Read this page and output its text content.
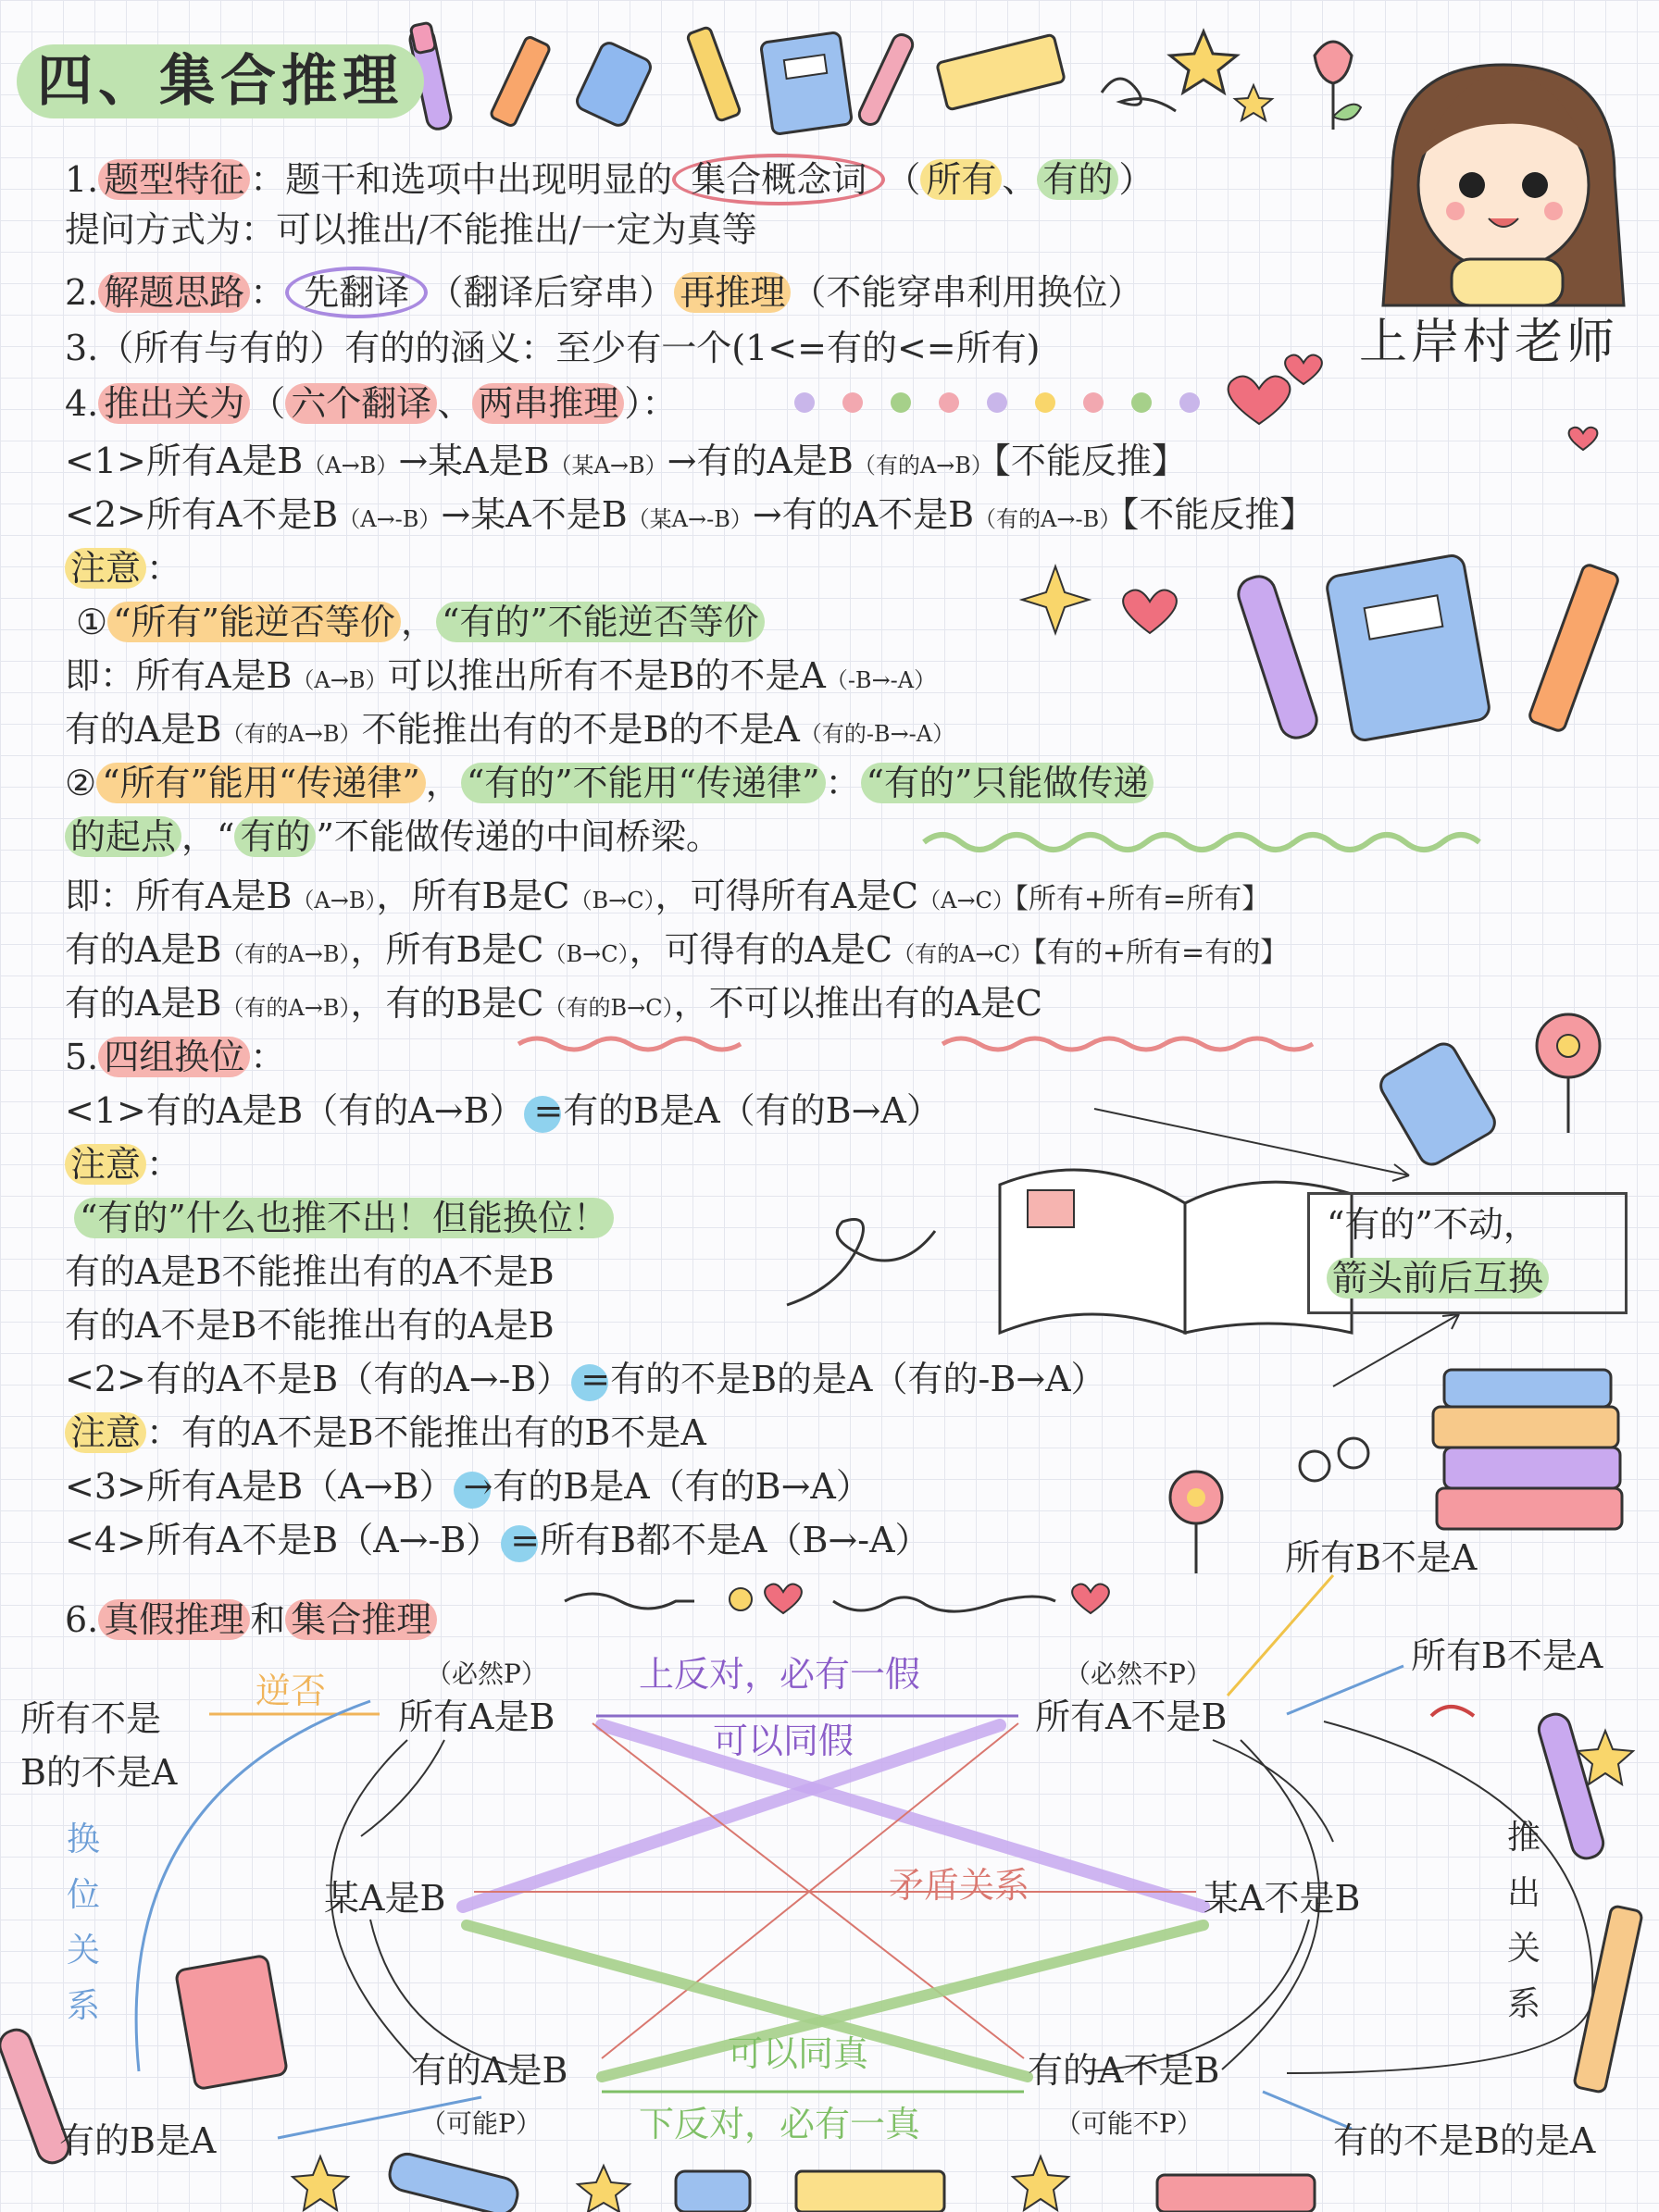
四、集合推理
上岸村老师
1. 题型特征 ：题干和选项中出现明显的 集合概念词 （ 所有 、 有的 ）
提问方式为：可以推出/不能推出/一定为真等
2. 解题思路 ： 先翻译 （翻译后穿串） 再推理 （不能穿串利用换位）
3.（所有与有的）有的的涵义：至少有一个(1<=有的<=所有)
4. 推出关为 （ 六个翻译 、 两串推理 ）：
<1>所有A是B（A→B）→某A是B（某A→B）→有的A是B（有的A→B）【不能反推】
<2>所有A不是B（A→-B）→某A不是B（某A→-B）→有的A不是B（有的A→-B）【不能反推】
注意 ：
① “所有”能逆否等价 ， “有的”不能逆否等价
即：所有A是B（A→B）可以推出所有不是B的不是A（-B→-A）
有的A是B（有的A→B）不能推出有的不是B的不是A（有的-B→-A）
② “所有”能用“传递律” ， “有的”不能用“传递律” ： “有的”只能做传递
的起点 ，“ 有的 ”不能做传递的中间桥梁。
即：所有A是B（A→B），所有B是C（B→C），可得所有A是C（A→C）【所有+所有=所有】
有的A是B（有的A→B），所有B是C（B→C），可得有的A是C（有的A→C）【有的+所有=有的】
有的A是B（有的A→B），有的B是C（有的B→C），不可以推出有的A是C
5. 四组换位 ：
<1>有的A是B（有的A→B） =有的B是A（有的B→A）
注意 ：
“有的”什么也推不出！但能换位！
有的A是B不能推出有的A不是B
有的A不是B不能推出有的A是B
<2>有的A不是B（有的A→-B） =有的不是B的是A（有的-B→A）
注意 ：有的A不是B不能推出有的B不是A
<3>所有A是B（A→B） →有的B是A（有的B→A）
<4>所有A不是B（A→-B） =所有B都不是A（B→-A）
“有的”不动，
箭头前后互换
6. 真假推理 和 集合推理
所有A是B	所有A不是B
某A是B	某A不是B
有的A是B	有的A不是B
（必然P）	（必然不P）
（可能P）	（可能不P）
上反对，必有一假
可以同假
矛盾关系
可以同真
下反对，必有一真
所有不是
B的不是A
逆否
换位关系
有的B是A
所有B不是A
所有B不是A
推出关系
有的不是B的是A
